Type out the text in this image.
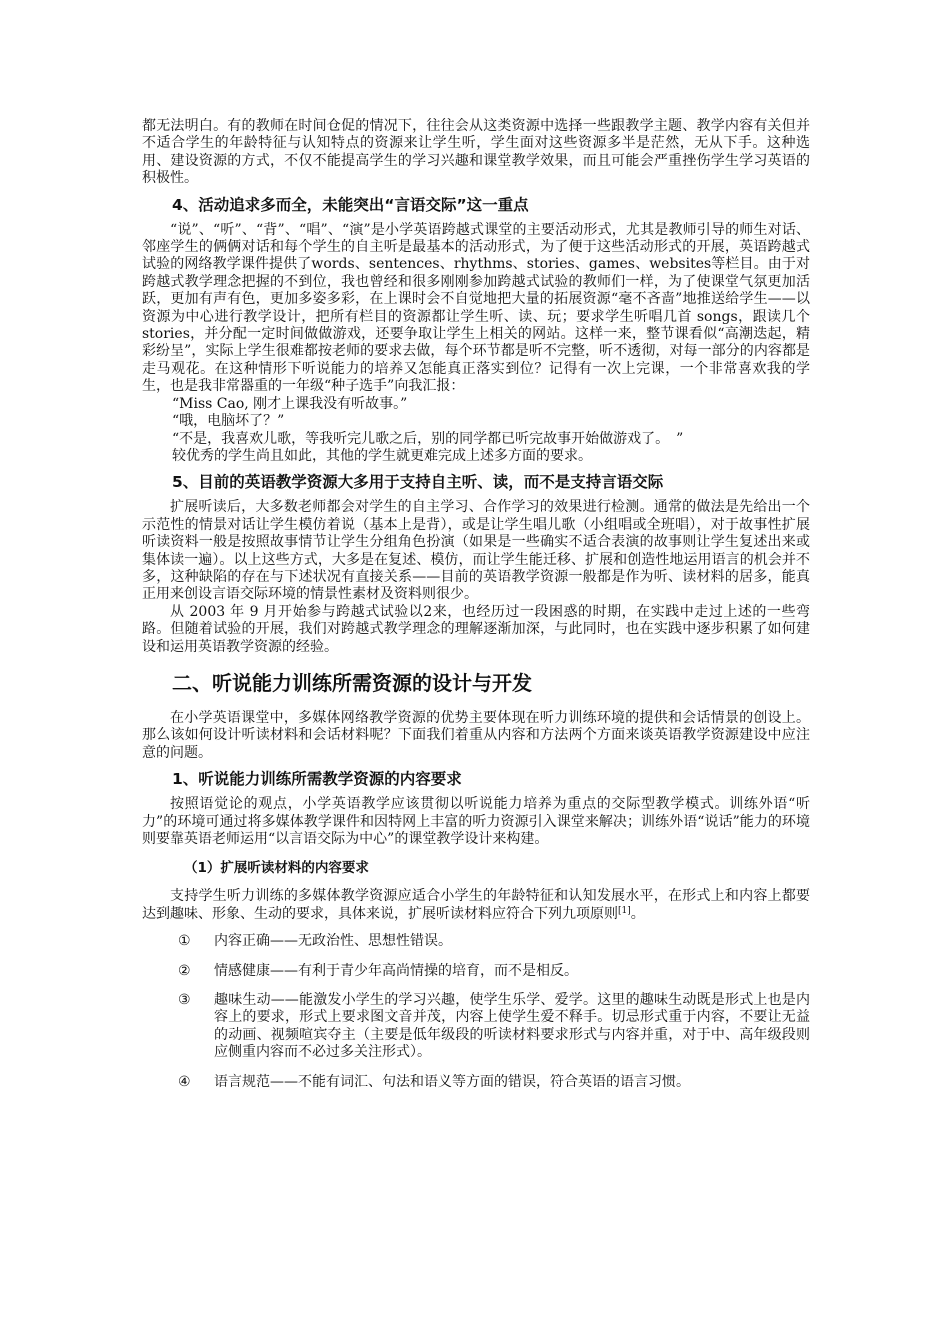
都无法明白。有的教师在时间仓促的情况下，往往会从这类资源中选择一些跟教学主题、教学内容有关但并不适合学生的年龄特征与认知特点的资源来让学生听，学生面对这些资源多半是茫然，无从下手。这种选用、建设资源的方式，不仅不能提高学生的学习兴趣和课堂教学效果，而且可能会严重挫伤学生学习英语的积极性。

4、活动追求多而全，未能突出“言语交际”这一重点

“说”、“听”、“背”、“唱”、“演”是小学英语跨越式课堂的主要活动形式，尤其是教师引导的师生对话、邻座学生的俩俩对话和每个学生的自主听是最基本的活动形式，为了便于这些活动形式的开展，英语跨越式试验的网络教学课件提供了words、sentences、rhythms、stories、games、websites等栏目。由于对跨越式教学理念把握的不到位，我也曾经和很多刚刚参加跨越式试验的教师们一样，为了使课堂气氛更加活跃，更加有声有色，更加多姿多彩，在上课时会不自觉地把大量的拓展资源“毫不吝啬”地推送给学生——以资源为中心进行教学设计，把所有栏目的资源都让学生听、读、玩；要求学生听唱几首 songs，跟读几个 stories，并分配一定时间做做游戏，还要争取让学生上相关的网站。这样一来，整节课看似“高潮迭起，精彩纷呈”，实际上学生很难都按老师的要求去做，每个环节都是听不完整，听不透彻，对每一部分的内容都是走马观花。在这种情形下听说能力的培养又怎能真正落实到位？记得有一次上完课，一个非常喜欢我的学生，也是我非常器重的一年级“种子选手”向我汇报：

“Miss Cao, 刚才上课我没有听故事。”

“哦，电脑坏了？”

“不是，我喜欢儿歌，等我听完儿歌之后，别的同学都已听完故事开始做游戏了。　”

较优秀的学生尚且如此，其他的学生就更难完成上述多方面的要求。

5、目前的英语教学资源大多用于支持自主听、读，而不是支持言语交际

扩展听读后，大多数老师都会对学生的自主学习、合作学习的效果进行检测。通常的做法是先给出一个示范性的情景对话让学生模仿着说（基本上是背），或是让学生唱儿歌（小组唱或全班唱），对于故事性扩展听读资料一般是按照故事情节让学生分组角色扮演（如果是一些确实不适合表演的故事则让学生复述出来或集体读一遍）。以上这些方式，大多是在复述、模仿，而让学生能迁移、扩展和创造性地运用语言的机会并不多，这种缺陷的存在与下述状况有直接关系——目前的英语教学资源一般都是作为听、读材料的居多，能真正用来创设言语交际环境的情景性素材及资料则很少。

从 2003 年 9 月开始参与跨越式试验以2来，也经历过一段困惑的时期，在实践中走过上述的一些弯路。但随着试验的开展，我们对跨越式教学理念的理解逐渐加深，与此同时，也在实践中逐步积累了如何建设和运用英语教学资源的经验。

二、听说能力训练所需资源的设计与开发

在小学英语课堂中，多媒体网络教学资源的优势主要体现在听力训练环境的提供和会话情景的创设上。那么该如何设计听读材料和会话材料呢？下面我们着重从内容和方法两个方面来谈英语教学资源建设中应注意的问题。

1、听说能力训练所需教学资源的内容要求

按照语觉论的观点，小学英语教学应该贯彻以听说能力培养为重点的交际型教学模式。训练外语“听力”的环境可通过将多媒体教学课件和因特网上丰富的听力资源引入课堂来解决；训练外语“说话”能力的环境则要靠英语老师运用“以言语交际为中心”的课堂教学设计来构建。

（1）扩展听读材料的内容要求

支持学生听力训练的多媒体教学资源应适合小学生的年龄特征和认知发展水平，在形式上和内容上都要达到趣味、形象、生动的要求，具体来说，扩展听读材料应符合下列九项原则[1]。

①	内容正确——无政治性、思想性错误。
②	情感健康——有利于青少年高尚情操的培育，而不是相反。
③	趣味生动——能激发小学生的学习兴趣，使学生乐学、爱学。这里的趣味生动既是形式上也是内容上的要求，形式上要求图文音并茂，内容上使学生爱不释手。切忌形式重于内容，不要让无益的动画、视频喧宾夺主（主要是低年级段的听读材料要求形式与内容并重，对于中、高年级段则应侧重内容而不必过多关注形式）。
④	语言规范——不能有词汇、句法和语义等方面的错误，符合英语的语言习惯。
